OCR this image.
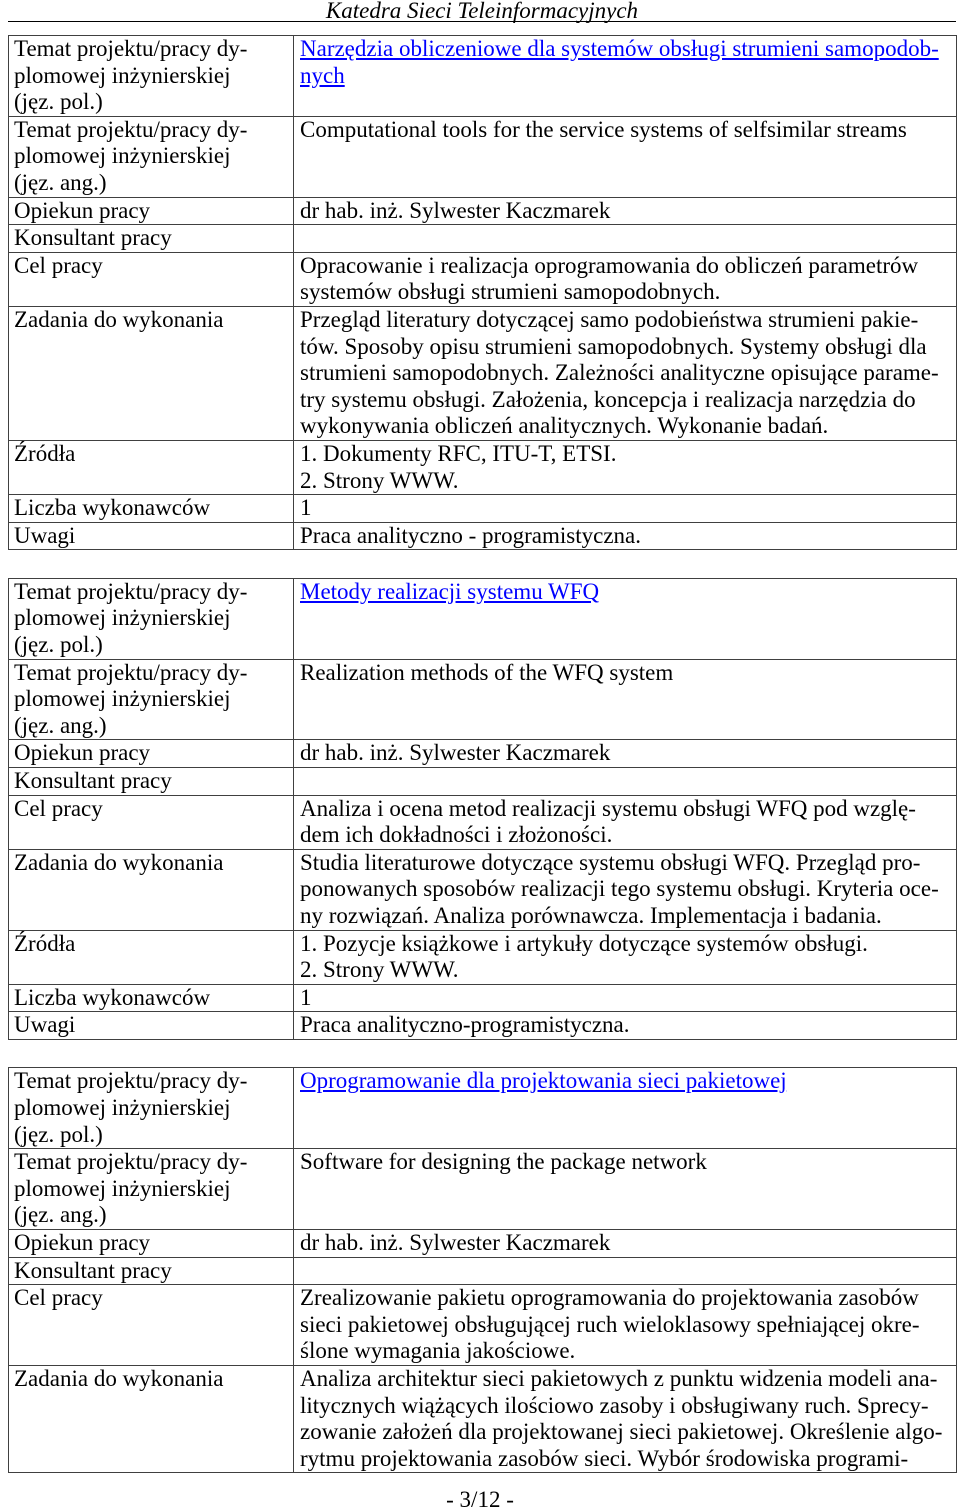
Katedra Sieci Teleinformacyjnych
Temat projektu/pracy dy-
plomowej inżynierskiej
(jęz. pol.)	Narzędzia obliczeniowe dla systemów obsługi strumieni samopodob-
nych

Temat projektu/pracy dy-
plomowej inżynierskiej
(jęz. ang.)	Computational tools for the service systems of selfsimilar streams

Opiekun pracy	dr hab. inż. Sylwester Kaczmarek

Konsultant pracy	

Cel pracy	Opracowanie i realizacja oprogramowania do obliczeń parametrów
systemów obsługi strumieni samopodobnych.

Zadania do wykonania	Przegląd literatury dotyczącej samo podobieństwa strumieni pakie-
tów. Sposoby opisu strumieni samopodobnych. Systemy obsługi dla
strumieni samopodobnych. Zależności analityczne opisujące parame-
try systemu obsługi. Założenia, koncepcja i realizacja narzędzia do
wykonywania obliczeń analitycznych. Wykonanie badań.

Źródła	1. Dokumenty RFC, ITU-T, ETSI.
2. Strony WWW.

Liczba wykonawców	1

Uwagi	Praca analityczno - programistyczna.
Temat projektu/pracy dy-
plomowej inżynierskiej
(jęz. pol.)	Metody realizacji systemu WFQ

Temat projektu/pracy dy-
plomowej inżynierskiej
(jęz. ang.)	Realization methods of the WFQ system

Opiekun pracy	dr hab. inż. Sylwester Kaczmarek

Konsultant pracy	

Cel pracy	Analiza i ocena metod realizacji systemu obsługi WFQ pod wzglę-
dem ich dokładności i złożoności.

Zadania do wykonania	Studia literaturowe dotyczące systemu obsługi WFQ. Przegląd pro-
ponowanych sposobów realizacji tego systemu obsługi. Kryteria oce-
ny rozwiązań. Analiza porównawcza. Implementacja i badania.

Źródła	1. Pozycje książkowe i artykuły dotyczące systemów obsługi.
2. Strony WWW.

Liczba wykonawców	1

Uwagi	Praca analityczno-programistyczna.
Temat projektu/pracy dy-
plomowej inżynierskiej
(jęz. pol.)	Oprogramowanie dla projektowania sieci pakietowej

Temat projektu/pracy dy-
plomowej inżynierskiej
(jęz. ang.)	Software for designing the package network

Opiekun pracy	dr hab. inż. Sylwester Kaczmarek

Konsultant pracy	

Cel pracy	Zrealizowanie pakietu oprogramowania do projektowania zasobów
sieci pakietowej obsługującej ruch wieloklasowy spełniającej okre-
ślone wymagania jakościowe.

Zadania do wykonania	Analiza architektur sieci pakietowych z punktu widzenia modeli ana-
litycznych wiążących ilościowo zasoby i obsługiwany ruch. Sprecy-
zowanie założeń dla projektowanej sieci pakietowej. Określenie algo-
rytmu projektowania zasobów sieci. Wybór środowiska programi-
- 3/12 -
